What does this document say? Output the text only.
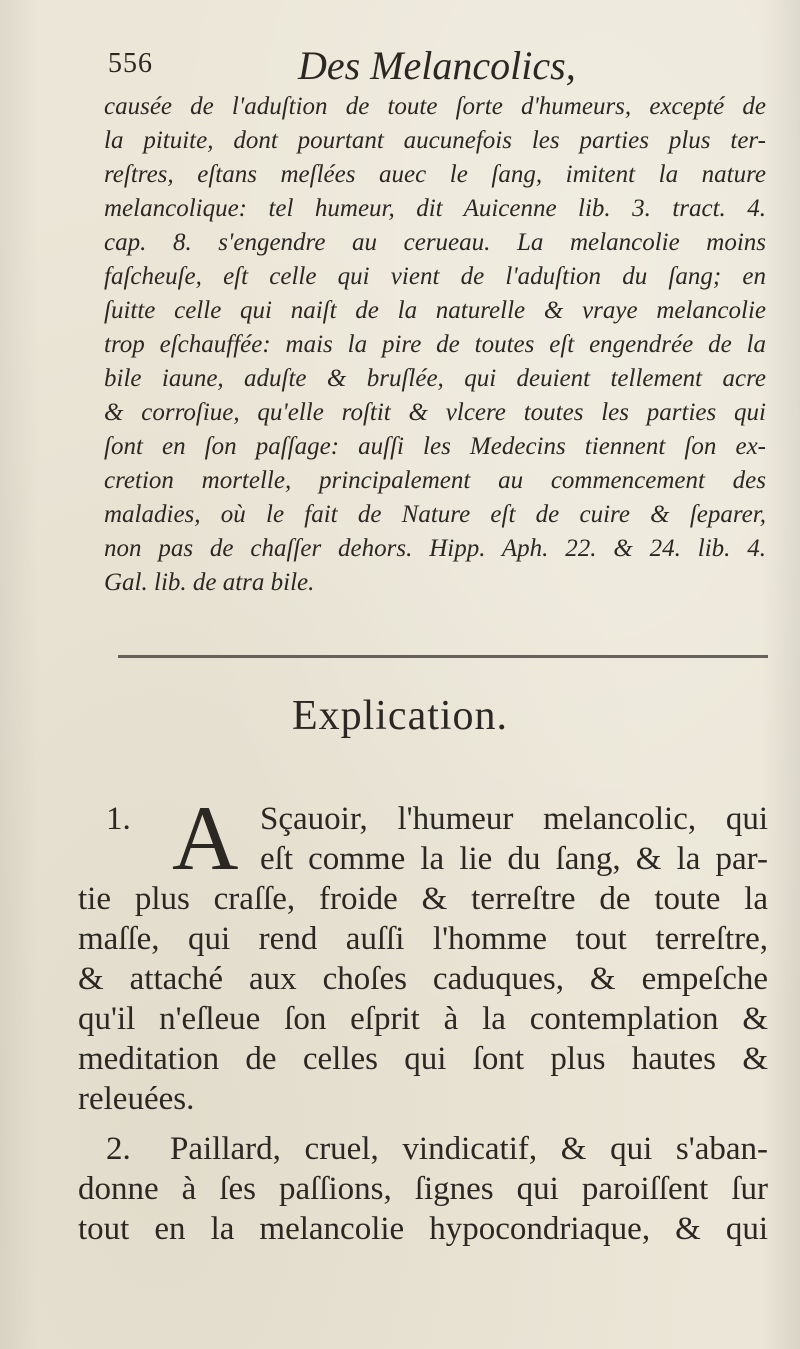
556	Des Melancolics,
causée de l'aduſtion de toute ſorte d'humeurs, excepté de
la pituite, dont pourtant aucunefois les parties plus ter-
reſtres, eſtans meſlées auec le ſang, imitent la nature
melancolique: tel humeur, dit Auicenne lib. 3. tract. 4.
cap. 8. s'engendre au cerueau. La melancolie moins
faſcheuſe, eſt celle qui vient de l'aduſtion du ſang; en
ſuitte celle qui naiſt de la naturelle & vraye melancolie
trop eſchauffée: mais la pire de toutes eſt engendrée de la
bile iaune, aduſte & bruſlée, qui deuient tellement acre
& corroſiue, qu'elle roſtit & vlcere toutes les parties qui
ſont en ſon paſſage: auſſi les Medecins tiennent ſon ex-
cretion mortelle, principalement au commencement des
maladies, où le fait de Nature eſt de cuire & ſeparer,
non pas de chaſſer dehors. Hipp. Aph. 22. & 24. lib. 4.
Gal. lib. de atra bile.
Explication.
1.	Sçauoir, l'humeur melancolic, qui
eſt comme la lie du ſang, & la par-
tie plus craſſe, froide & terreſtre de toute la
maſſe, qui rend auſſi l'homme tout terreſtre,
& attaché aux choſes caduques, & empeſche
qu'il n'eſleue ſon eſprit à la contemplation &
meditation de celles qui ſont plus hautes &
releuées.
2. Paillard, cruel, vindicatif, & qui s'aban-
donne à ſes paſſions, ſignes qui paroiſſent ſur
tout en la melancolie hypocondriaque, & qui
A
